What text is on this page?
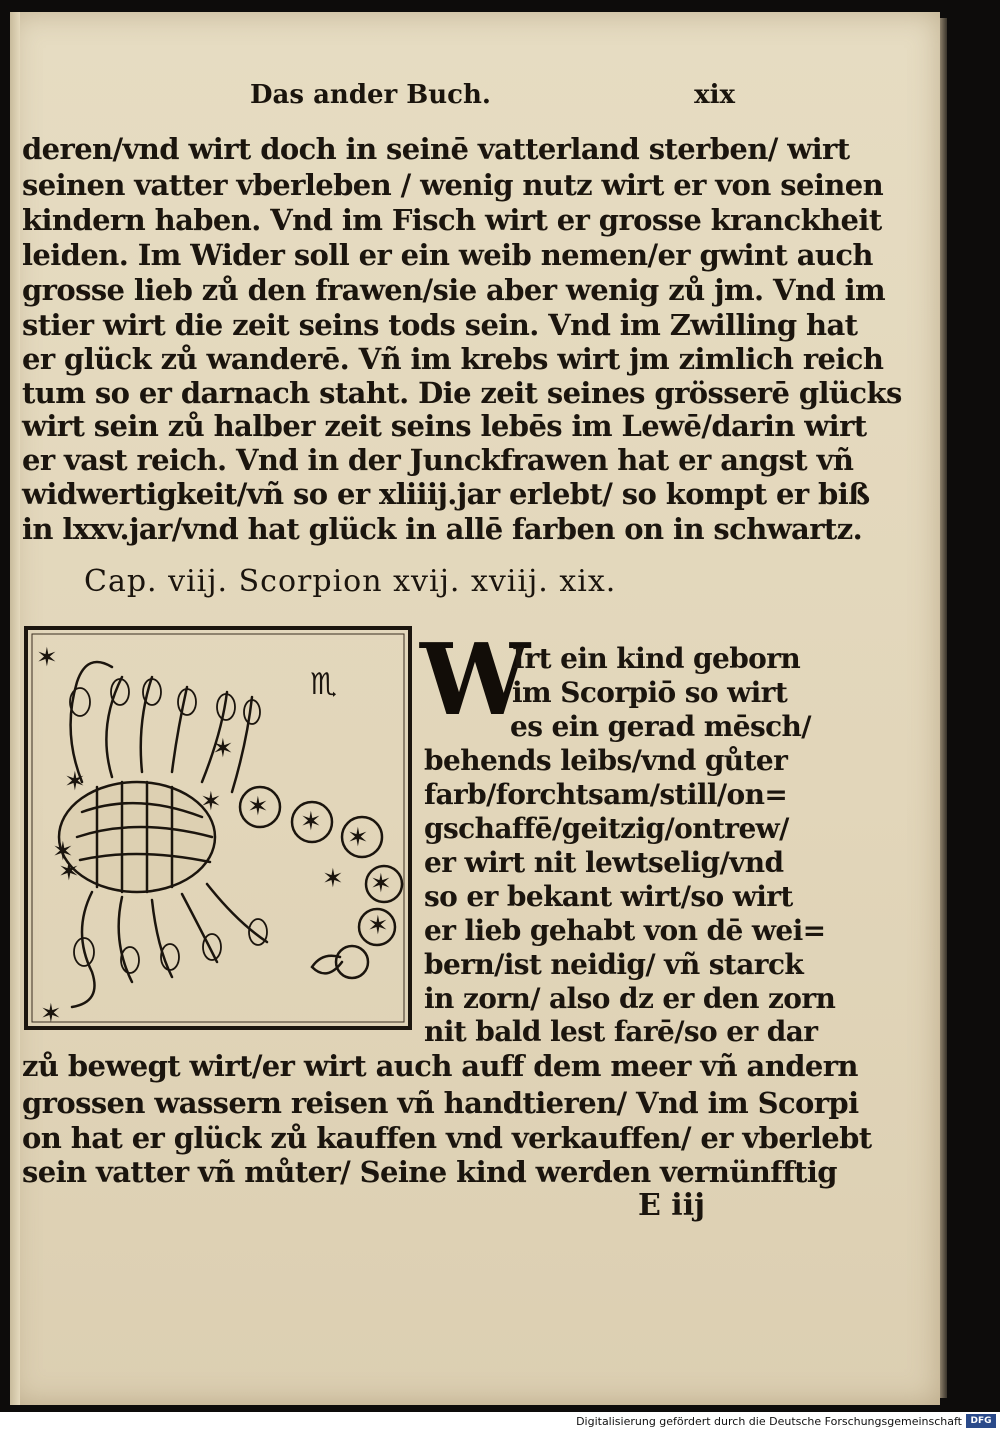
Das ander Buch.	xix

deren/vnd wirt doch in seinē vatterland sterben/ wirt

seinen vatter vberleben / wenig nutz wirt er von seinen

kindern haben. Vnd im Fisch wirt er grosse kranckheit

leiden. Im Wider soll er ein weib nemen/er gwint auch

grosse lieb zů den frawen/sie aber wenig zů jm. Vnd im

stier wirt die zeit seins tods sein. Vnd im Zwilling hat

er glück zů wanderē. Vñ im krebs wirt jm zimlich reich

tum so er darnach staht. Die zeit seines grösserē glücks

wirt sein zů halber zeit seins lebēs im Lewē/darin wirt

er vast reich. Vnd in der Junckfrawen hat er angst vñ

widwertigkeit/vñ so er xliiij.jar erlebt/ so kompt er biß

in lxxv.jar/vnd hat glück in allē farben on in schwartz.

Cap. viij. Scorpion xvij. xviij. xix.
✶
✶
✶
✶
✶
✶ ✶ ✶
✶
✶ ✶
✶
✶
♏ W

Irt ein kind geborn

im Scorpiō so wirt

es ein gerad mēsch/

behends leibs/vnd gůter

farb/forchtsam/still/on=

gschaffē/geitzig/ontrew/

er wirt nit lewtselig/vnd

so er bekant wirt/so wirt

er lieb gehabt von dē wei=

bern/ist neidig/ vñ starck

in zorn/ also dz er den zorn

nit bald lest farē/so er dar

zů bewegt wirt/er wirt auch auff dem meer vñ andern

grossen wassern reisen vñ handtieren/ Vnd im Scorpi

on hat er glück zů kauffen vnd verkauffen/ er vberlebt

sein vatter vñ můter/ Seine kind werden vernünfftig

E iij
Digitalisierung gefördert durch die Deutsche Forschungsgemeinschaft DFG
